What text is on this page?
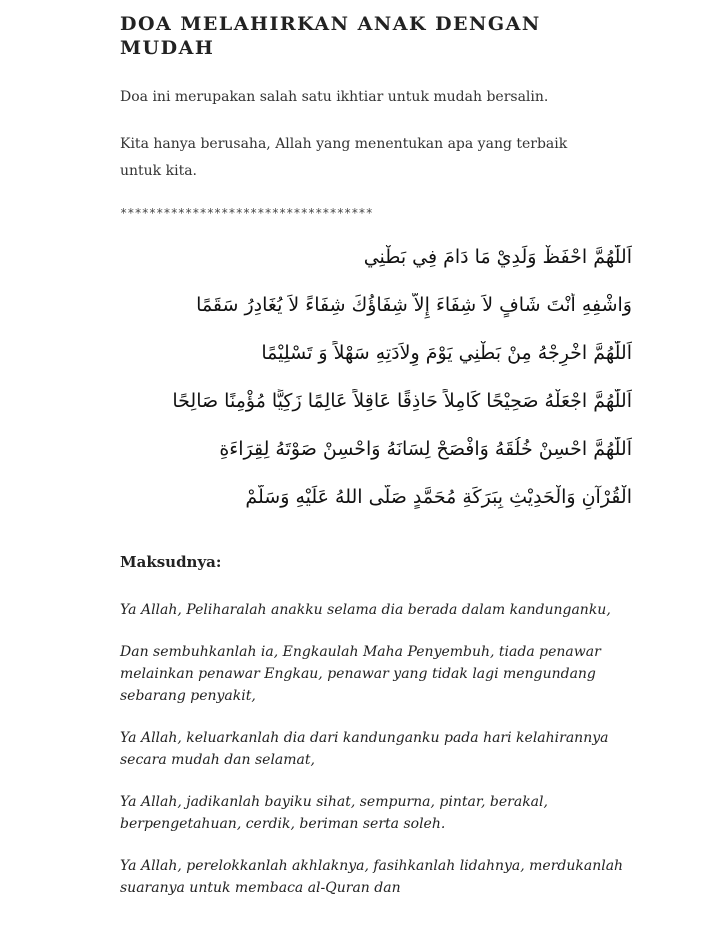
DOA MELAHIRKAN ANAK DENGAN MUDAH

Doa ini merupakan salah satu ikhtiar untuk mudah bersalin.

Kita hanya berusaha, Allah yang menentukan apa yang terbaik untuk kita.

***********************************

اَللّٰهُمَّ احْفَظْ وَلَدِيْ مَا دَامَ فِي بَطْنِي

وَاشْفِهِ أَنْتَ شَافٍ لاَ شِفَاءَ إِلاَّ شِفَاؤُكَ شِفَاءً لاَ يُغَادِرُ سَقَمًا

اَللّٰهُمَّ اخْرِجْهُ مِنْ بَطْنِي يَوْمَ وِلاَدَتِهِ سَهْلاً وَ تَسْلِيْمًا

اَللّٰهُمَّ اجْعَلْهُ صَحِيْحًا كَامِلاً حَاذِقًا عَاقِلاً عَالِمًا زَكِيًّا مُؤْمِنًا صَالِحًا

اَللّٰهُمَّ احْسِنْ خُلُقَهُ وَافْصَحْ لِسَانَهُ وَاحْسِنْ صَوْتَهُ لِقِرَاءَةِ

الْقُرْآنِ وَالْحَدِيْثِ بِبَرَكَةِ مُحَمَّدٍ صَلَّى اللهُ عَلَيْهِ وَسَلَّمْ

Maksudnya:

Ya Allah, Peliharalah anakku selama dia berada dalam kandunganku,

Dan sembuhkanlah ia, Engkaulah Maha Penyembuh, tiada penawar melainkan penawar Engkau, penawar yang tidak lagi mengundang sebarang penyakit,

Ya Allah, keluarkanlah dia dari kandunganku pada hari kelahirannya secara mudah dan selamat,

Ya Allah, jadikanlah bayiku sihat, sempurna, pintar, berakal, berpengetahuan, cerdik, beriman serta soleh.

Ya Allah, perelokkanlah akhlaknya, fasihkanlah lidahnya, merdukanlah suaranya untuk membaca al-Quran dan
